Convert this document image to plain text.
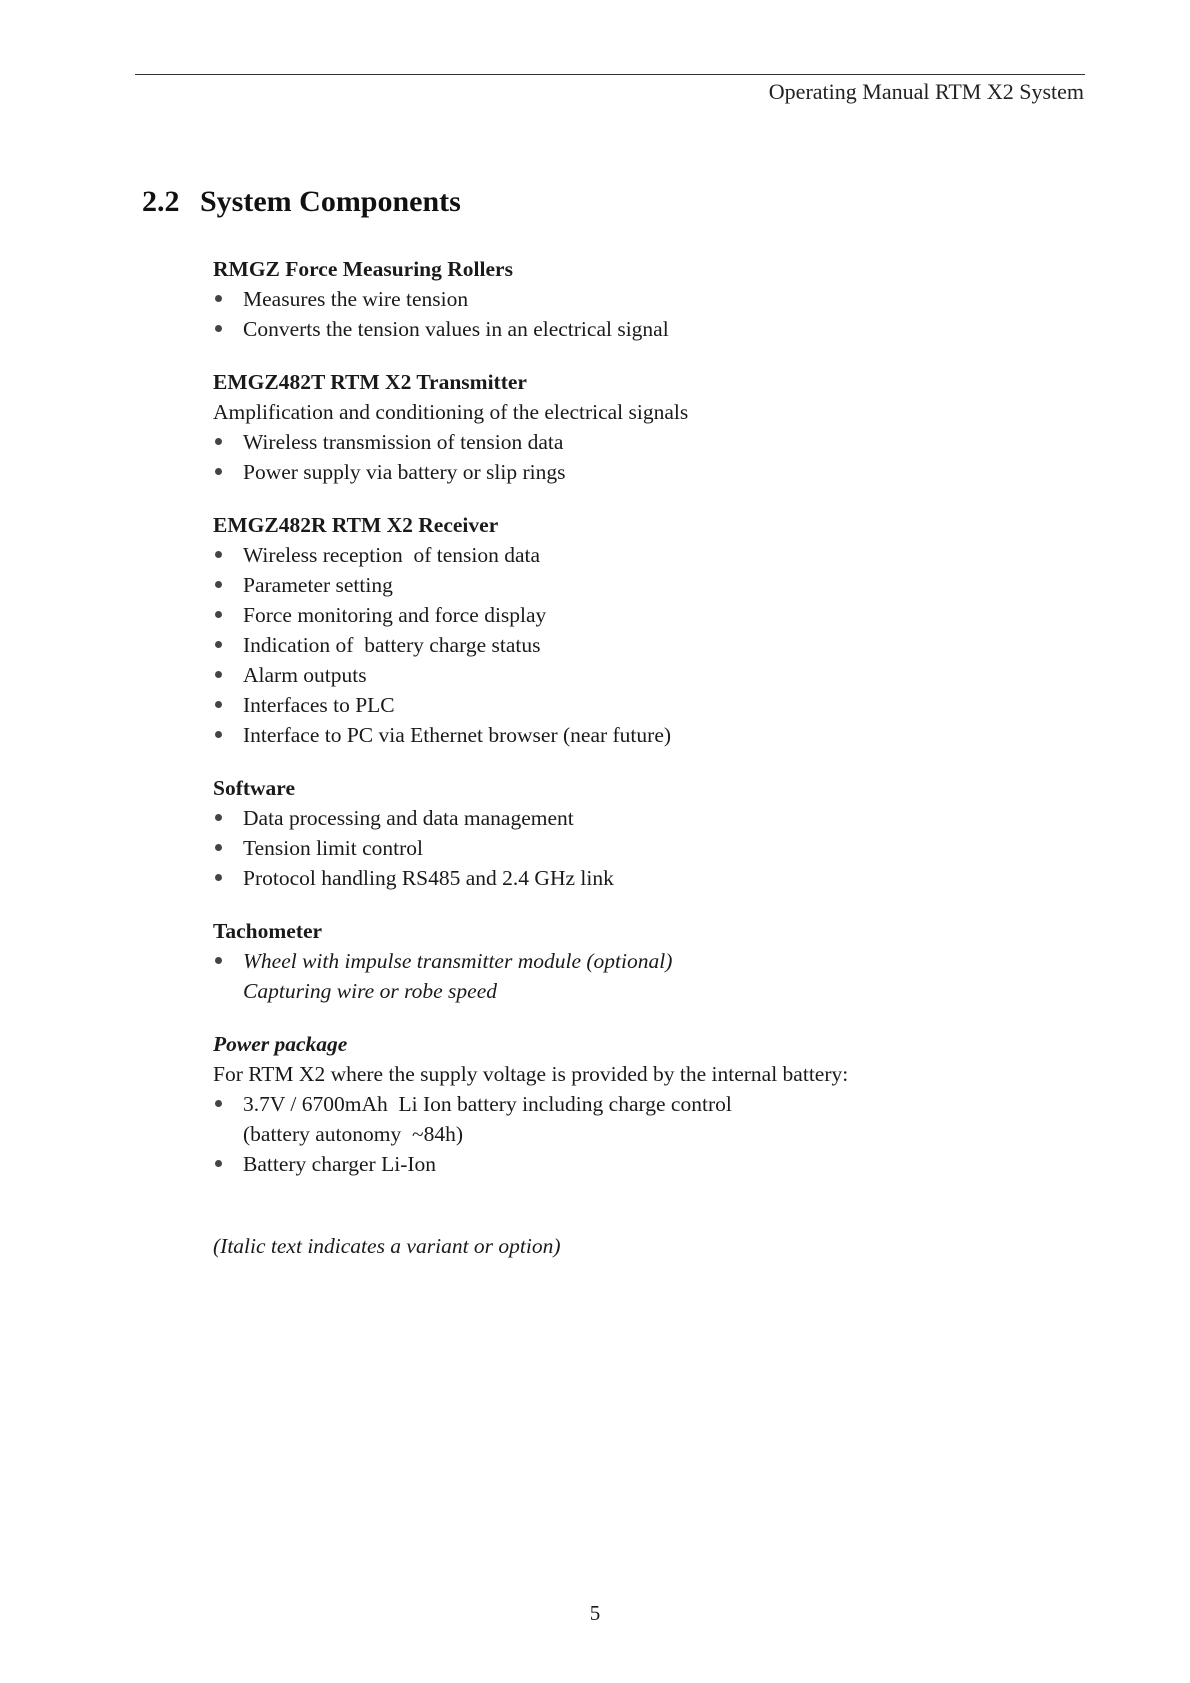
Operating Manual RTM X2 System
2.2 System Components

RMGZ Force Measuring Rollers

Measures the wire tension
Converts the tension values in an electrical signal

EMGZ482T RTM X2 Transmitter

Amplification and conditioning of the electrical signals

Wireless transmission of tension data
Power supply via battery or slip rings

EMGZ482R RTM X2 Receiver

Wireless reception  of tension data
Parameter setting
Force monitoring and force display
Indication of  battery charge status
Alarm outputs
Interfaces to PLC
Interface to PC via Ethernet browser (near future)

Software

Data processing and data management
Tension limit control
Protocol handling RS485 and 2.4 GHz link

Tachometer

Wheel with impulse transmitter module (optional)
Capturing wire or robe speed

Power package

For RTM X2 where the supply voltage is provided by the internal battery:

3.7V / 6700mAh  Li Ion battery including charge control
(battery autonomy  ~84h)
Battery charger Li-Ion

(Italic text indicates a variant or option)

5
